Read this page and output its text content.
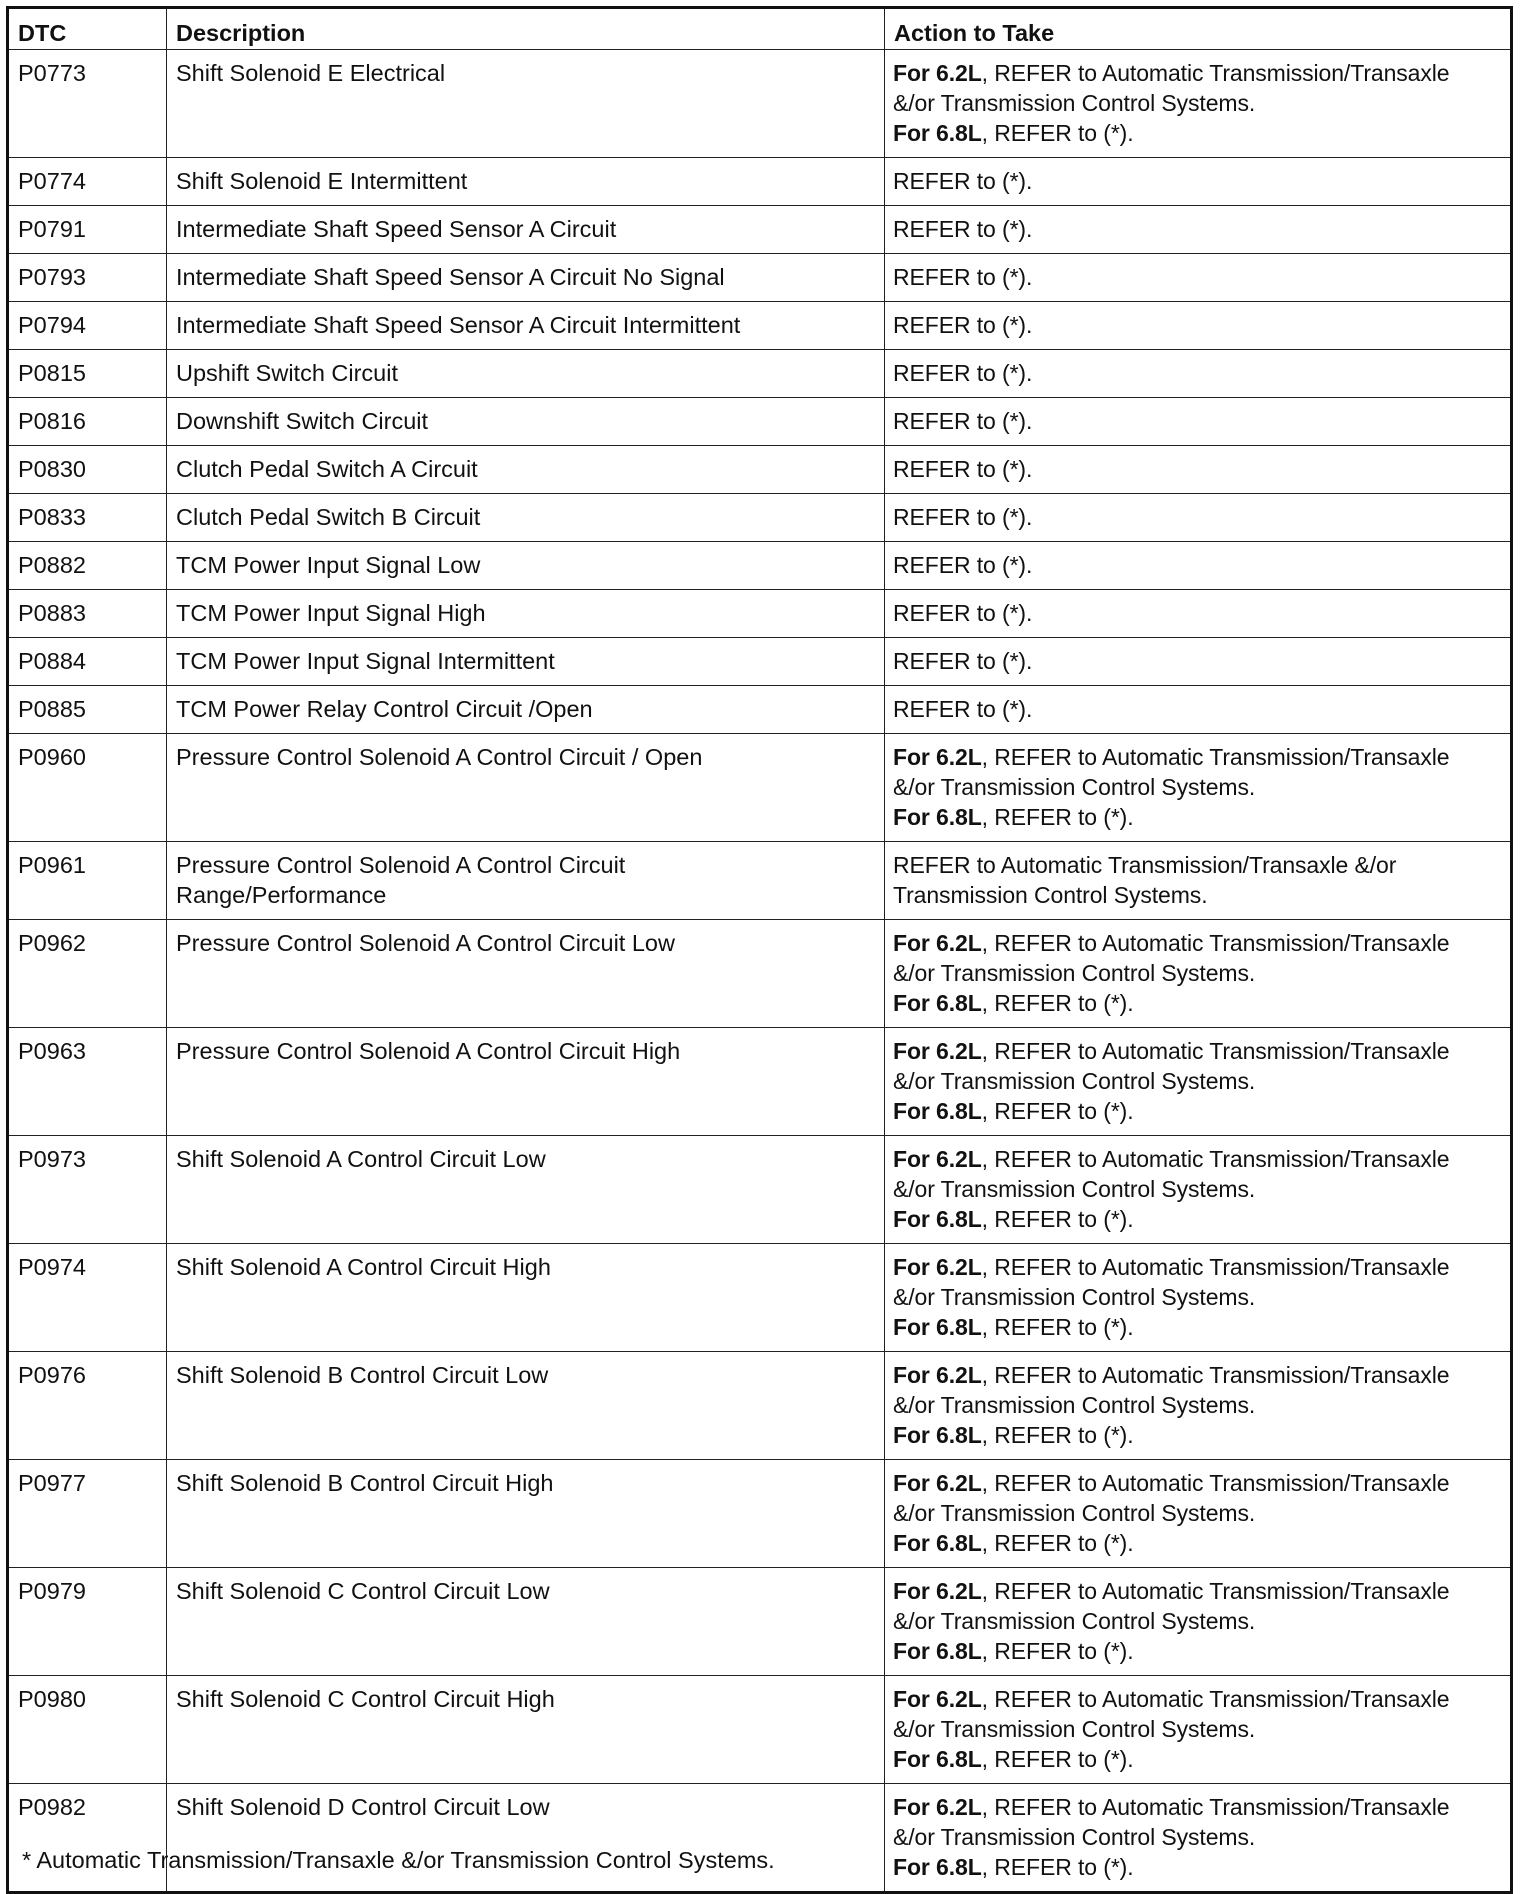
DTC	Description	Action to Take
P0773	Shift Solenoid E Electrical	For 6.2L, REFER to Automatic Transmission/Transaxle
&/or Transmission Control Systems.
For 6.8L, REFER to (*).

P0774	Shift Solenoid E Intermittent	REFER to (*).

P0791	Intermediate Shaft Speed Sensor A Circuit	REFER to (*).

P0793	Intermediate Shaft Speed Sensor A Circuit No Signal	REFER to (*).

P0794	Intermediate Shaft Speed Sensor A Circuit Intermittent	REFER to (*).

P0815	Upshift Switch Circuit	REFER to (*).

P0816	Downshift Switch Circuit	REFER to (*).

P0830	Clutch Pedal Switch A Circuit	REFER to (*).

P0833	Clutch Pedal Switch B Circuit	REFER to (*).

P0882	TCM Power Input Signal Low	REFER to (*).

P0883	TCM Power Input Signal High	REFER to (*).

P0884	TCM Power Input Signal Intermittent	REFER to (*).

P0885	TCM Power Relay Control Circuit /Open	REFER to (*).

P0960	Pressure Control Solenoid A Control Circuit / Open	For 6.2L, REFER to Automatic Transmission/Transaxle
&/or Transmission Control Systems.
For 6.8L, REFER to (*).

P0961	Pressure Control Solenoid A Control Circuit
Range/Performance	REFER to Automatic Transmission/Transaxle &/or
Transmission Control Systems.

P0962	Pressure Control Solenoid A Control Circuit Low	For 6.2L, REFER to Automatic Transmission/Transaxle
&/or Transmission Control Systems.
For 6.8L, REFER to (*).

P0963	Pressure Control Solenoid A Control Circuit High	For 6.2L, REFER to Automatic Transmission/Transaxle
&/or Transmission Control Systems.
For 6.8L, REFER to (*).

P0973	Shift Solenoid A Control Circuit Low	For 6.2L, REFER to Automatic Transmission/Transaxle
&/or Transmission Control Systems.
For 6.8L, REFER to (*).

P0974	Shift Solenoid A Control Circuit High	For 6.2L, REFER to Automatic Transmission/Transaxle
&/or Transmission Control Systems.
For 6.8L, REFER to (*).

P0976	Shift Solenoid B Control Circuit Low	For 6.2L, REFER to Automatic Transmission/Transaxle
&/or Transmission Control Systems.
For 6.8L, REFER to (*).

P0977	Shift Solenoid B Control Circuit High	For 6.2L, REFER to Automatic Transmission/Transaxle
&/or Transmission Control Systems.
For 6.8L, REFER to (*).

P0979	Shift Solenoid C Control Circuit Low	For 6.2L, REFER to Automatic Transmission/Transaxle
&/or Transmission Control Systems.
For 6.8L, REFER to (*).

P0980	Shift Solenoid C Control Circuit High	For 6.2L, REFER to Automatic Transmission/Transaxle
&/or Transmission Control Systems.
For 6.8L, REFER to (*).

P0982	Shift Solenoid D Control Circuit Low	For 6.2L, REFER to Automatic Transmission/Transaxle
&/or Transmission Control Systems.
For 6.8L, REFER to (*).
* Automatic Transmission/Transaxle &/or Transmission Control Systems.
